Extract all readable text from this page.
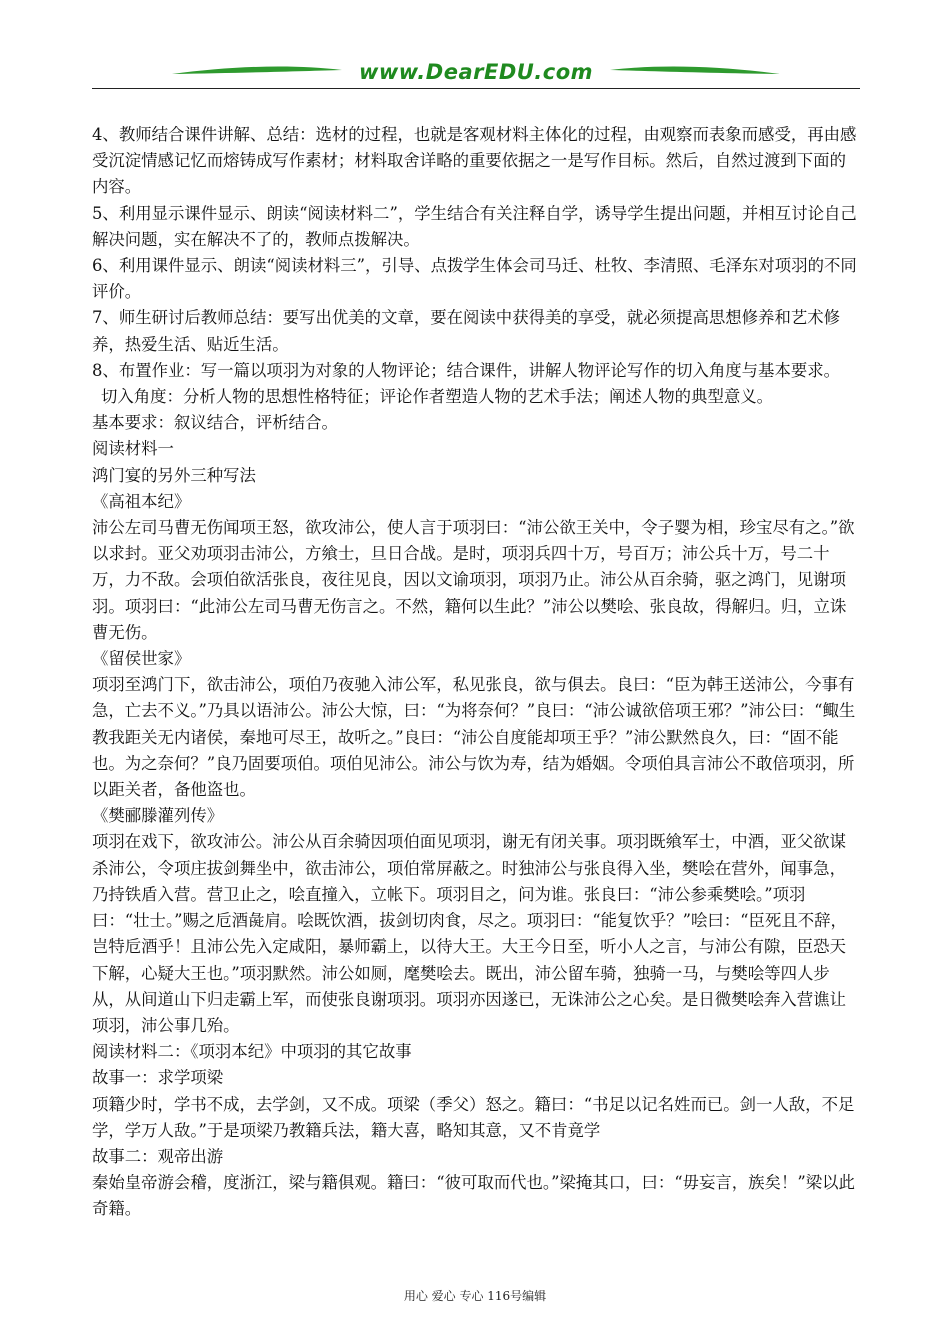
www.DearEDU.com

4、教师结合课件讲解、总结：选材的过程，也就是客观材料主体化的过程，由观察而表象而感受，再由感受沉淀情感记忆而熔铸成写作素材；材料取舍详略的重要依据之一是写作目标。然后，自然过渡到下面的内容。

5、利用显示课件显示、朗读“阅读材料二”，学生结合有关注释自学，诱导学生提出问题，并相互讨论自己解决问题，实在解决不了的，教师点拨解决。

6、利用课件显示、朗读“阅读材料三”，引导、点拨学生体会司马迁、杜牧、李清照、毛泽东对项羽的不同评价。

7、师生研讨后教师总结：要写出优美的文章，要在阅读中获得美的享受，就必须提高思想修养和艺术修养，热爱生活、贴近生活。

8、布置作业：写一篇以项羽为对象的人物评论；结合课件，讲解人物评论写作的切入角度与基本要求。

切入角度：分析人物的思想性格特征；评论作者塑造人物的艺术手法；阐述人物的典型意义。

基本要求：叙议结合，评析结合。

阅读材料一

鸿门宴的另外三种写法

《高祖本纪》

沛公左司马曹无伤闻项王怒，欲攻沛公，使人言于项羽曰：“沛公欲王关中，令子婴为相，珍宝尽有之。”欲以求封。亚父劝项羽击沛公，方飨士，旦日合战。是时，项羽兵四十万，号百万；沛公兵十万，号二十万，力不敌。会项伯欲活张良，夜往见良，因以文谕项羽，项羽乃止。沛公从百余骑，驱之鸿门，见谢项羽。项羽曰：“此沛公左司马曹无伤言之。不然，籍何以生此？”沛公以樊哙、张良故，得解归。归，立诛曹无伤。

《留侯世家》

项羽至鸿门下，欲击沛公，项伯乃夜驰入沛公军，私见张良，欲与俱去。良曰：“臣为韩王送沛公，今事有急，亡去不义。”乃具以语沛公。沛公大惊，曰：“为将奈何？”良曰：“沛公诚欲倍项王邪？”沛公曰：“鲰生教我距关无内诸侯，秦地可尽王，故听之。”良曰：“沛公自度能却项王乎？”沛公默然良久，曰：“固不能也。为之奈何？”良乃固要项伯。项伯见沛公。沛公与饮为寿，结为婚姻。令项伯具言沛公不敢倍项羽，所以距关者，备他盗也。

《樊郦滕灌列传》

项羽在戏下，欲攻沛公。沛公从百余骑因项伯面见项羽，谢无有闭关事。项羽既飨军士，中酒，亚父欲谋杀沛公，令项庄拔剑舞坐中，欲击沛公，项伯常屏蔽之。时独沛公与张良得入坐，樊哙在营外，闻事急，乃持铁盾入营。营卫止之，哙直撞入，立帐下。项羽目之，问为谁。张良曰：“沛公参乘樊哙。”项羽曰：“壮士。”赐之卮酒彘肩。哙既饮酒，拔剑切肉食，尽之。项羽曰：“能复饮乎？”哙曰：“臣死且不辞，岂特卮酒乎！且沛公先入定咸阳，暴师霸上，以待大王。大王今日至，听小人之言，与沛公有隙，臣恐天下解，心疑大王也。”项羽默然。沛公如厕，麾樊哙去。既出，沛公留车骑，独骑一马，与樊哙等四人步从，从间道山下归走霸上军，而使张良谢项羽。项羽亦因遂已，无诛沛公之心矣。是日微樊哙奔入营谯让项羽，沛公事几殆。

阅读材料二：《项羽本纪》中项羽的其它故事

故事一：求学项梁

项籍少时，学书不成，去学剑，又不成。项梁（季父）怒之。籍曰：“书足以记名姓而已。剑一人敌，不足学，学万人敌。”于是项梁乃教籍兵法，籍大喜，略知其意，又不肯竟学

故事二：观帝出游

秦始皇帝游会稽，度浙江，梁与籍俱观。籍曰：“彼可取而代也。”梁掩其口，曰：“毋妄言，族矣！”梁以此奇籍。

用心 爱心 专心 116号编辑
